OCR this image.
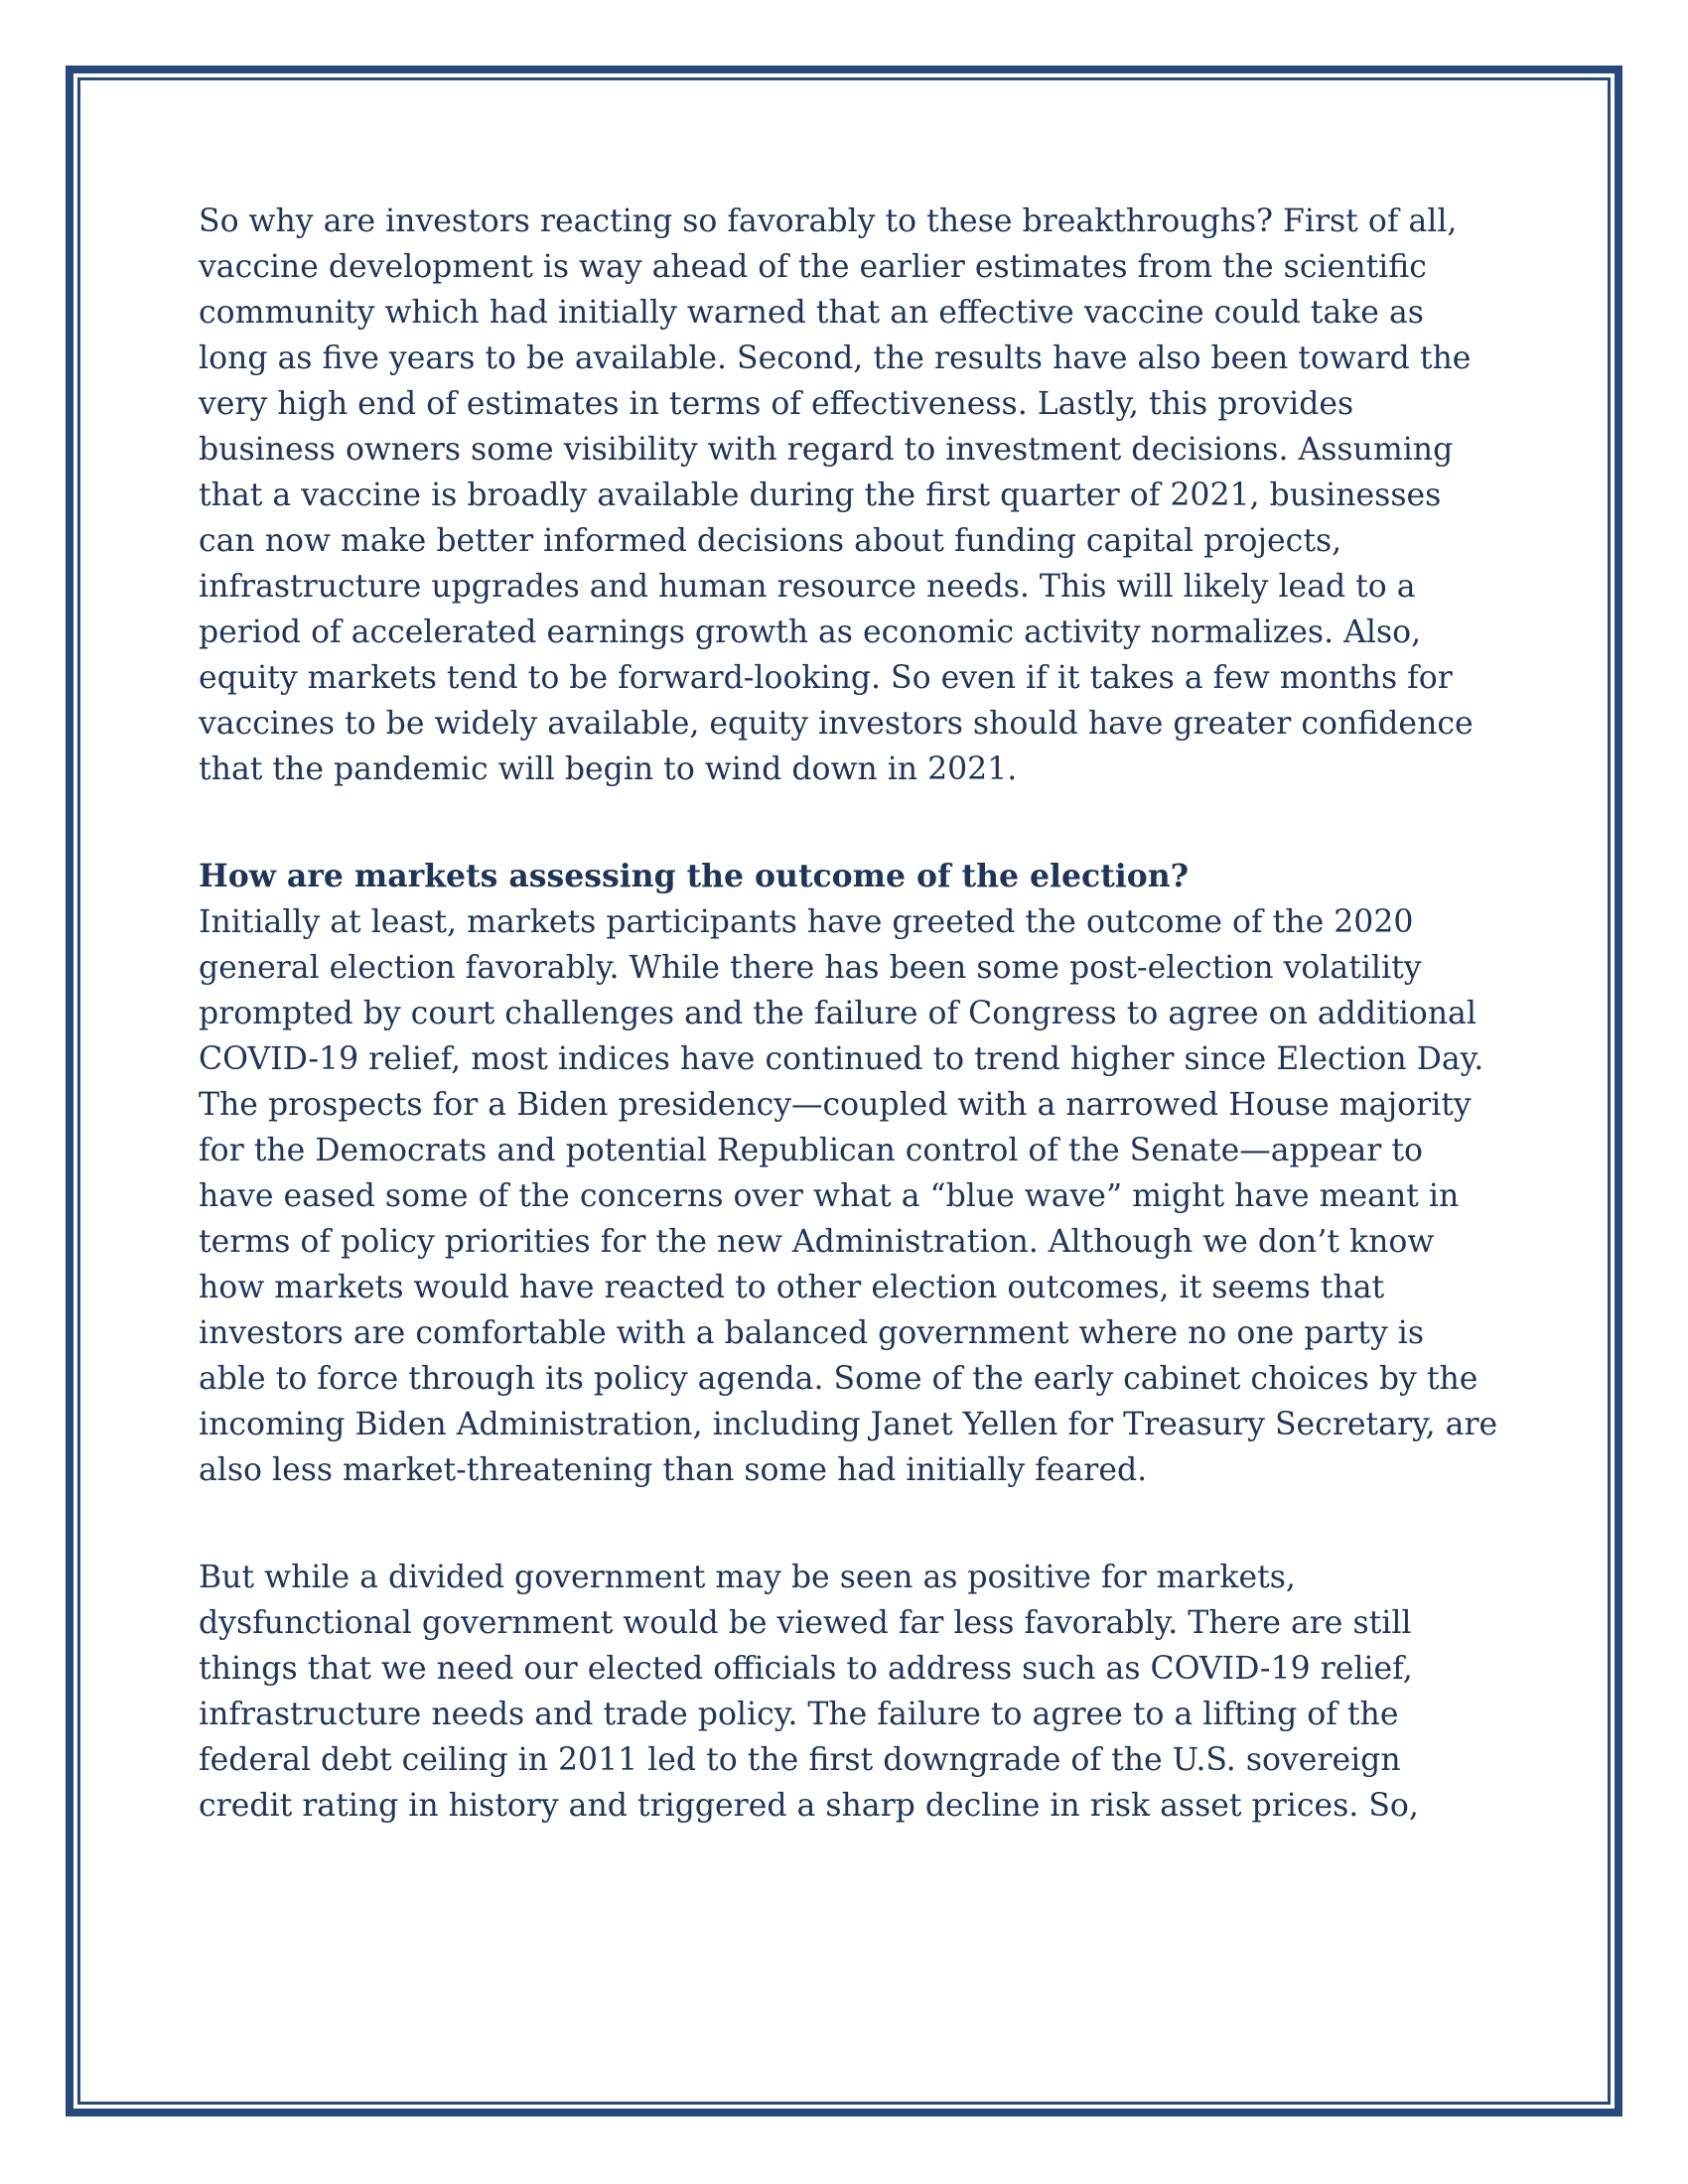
So why are investors reacting so favorably to these breakthroughs? First of all, vaccine development is way ahead of the earlier estimates from the scientific community which had initially warned that an effective vaccine could take as long as five years to be available. Second, the results have also been toward the very high end of estimates in terms of effectiveness. Lastly, this provides business owners some visibility with regard to investment decisions. Assuming that a vaccine is broadly available during the first quarter of 2021, businesses can now make better informed decisions about funding capital projects, infrastructure upgrades and human resource needs. This will likely lead to a period of accelerated earnings growth as economic activity normalizes. Also, equity markets tend to be forward-looking. So even if it takes a few months for vaccines to be widely available, equity investors should have greater confidence that the pandemic will begin to wind down in 2021.

How are markets assessing the outcome of the election?

Initially at least, markets participants have greeted the outcome of the 2020 general election favorably. While there has been some post-election volatility prompted by court challenges and the failure of Congress to agree on additional COVID-19 relief, most indices have continued to trend higher since Election Day. The prospects for a Biden presidency—coupled with a narrowed House majority for the Democrats and potential Republican control of the Senate—appear to have eased some of the concerns over what a “blue wave” might have meant in terms of policy priorities for the new Administration. Although we don’t know how markets would have reacted to other election outcomes, it seems that investors are comfortable with a balanced government where no one party is able to force through its policy agenda. Some of the early cabinet choices by the incoming Biden Administration, including Janet Yellen for Treasury Secretary, are also less market-threatening than some had initially feared.

But while a divided government may be seen as positive for markets, dysfunctional government would be viewed far less favorably. There are still things that we need our elected officials to address such as COVID-19 relief, infrastructure needs and trade policy. The failure to agree to a lifting of the federal debt ceiling in 2011 led to the first downgrade of the U.S. sovereign credit rating in history and triggered a sharp decline in risk asset prices. So,
